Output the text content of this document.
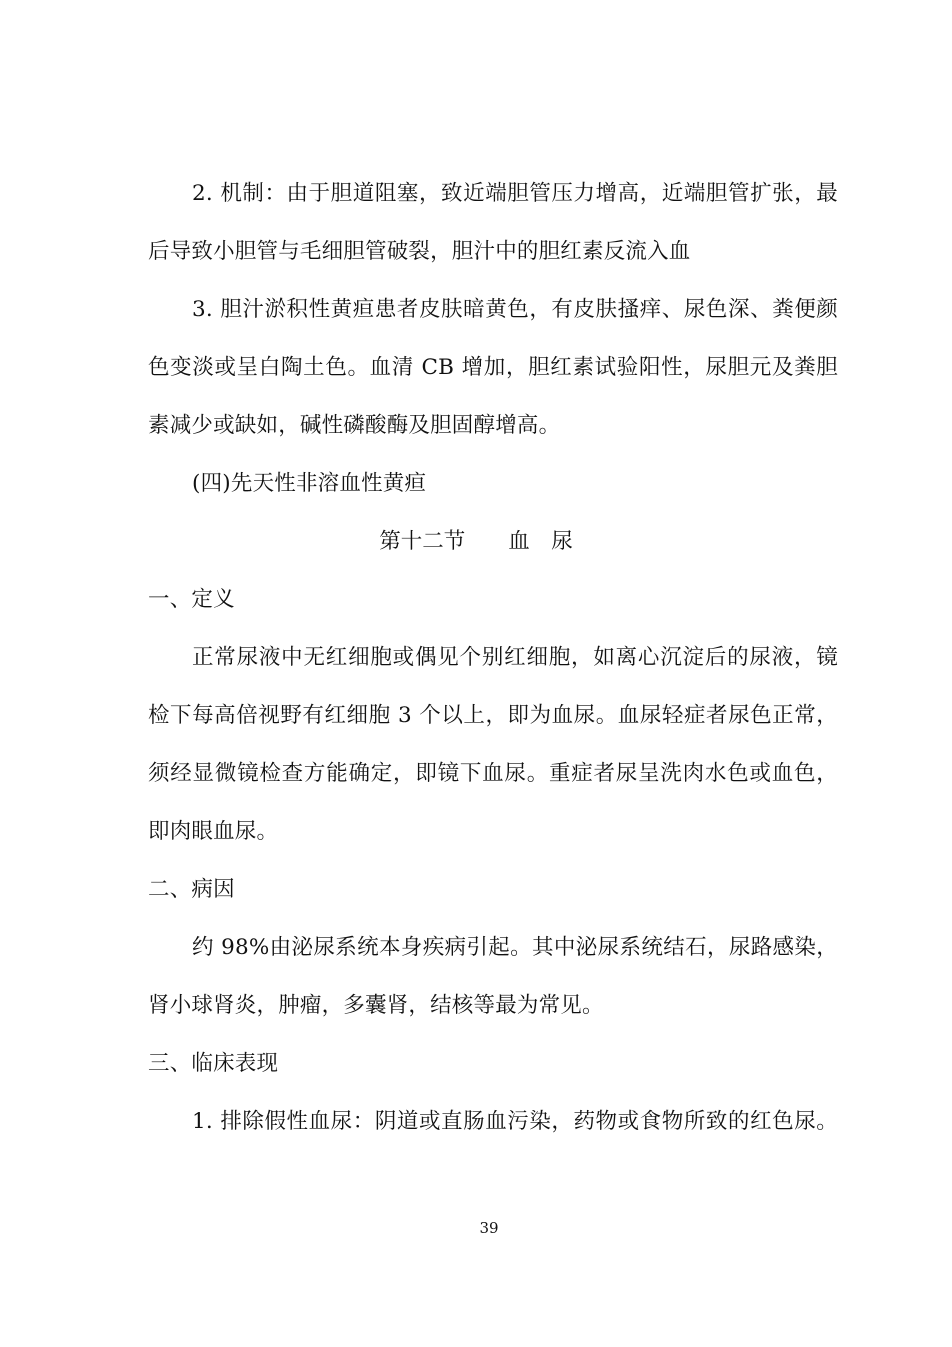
2. 机制：由于胆道阻塞，致近端胆管压力增高，近端胆管扩张，最
后导致小胆管与毛细胆管破裂，胆汁中的胆红素反流入血
3. 胆汁淤积性黄疸患者皮肤暗黄色，有皮肤搔痒、尿色深、粪便颜
色变淡或呈白陶土色。血清 CB 增加，胆红素试验阳性，尿胆元及粪胆
素减少或缺如，碱性磷酸酶及胆固醇增高。
(四)先天性非溶血性黄疸
第十二节　　血　尿
一、定义
正常尿液中无红细胞或偶见个别红细胞，如离心沉淀后的尿液，镜
检下每高倍视野有红细胞 3 个以上，即为血尿。血尿轻症者尿色正常，
须经显微镜检查方能确定，即镜下血尿。重症者尿呈洗肉水色或血色，
即肉眼血尿。
二、病因
约 98%由泌尿系统本身疾病引起。其中泌尿系统结石，尿路感染，
肾小球肾炎，肿瘤，多囊肾，结核等最为常见。
三、临床表现
1. 排除假性血尿：阴道或直肠血污染，药物或食物所致的红色尿。
39
